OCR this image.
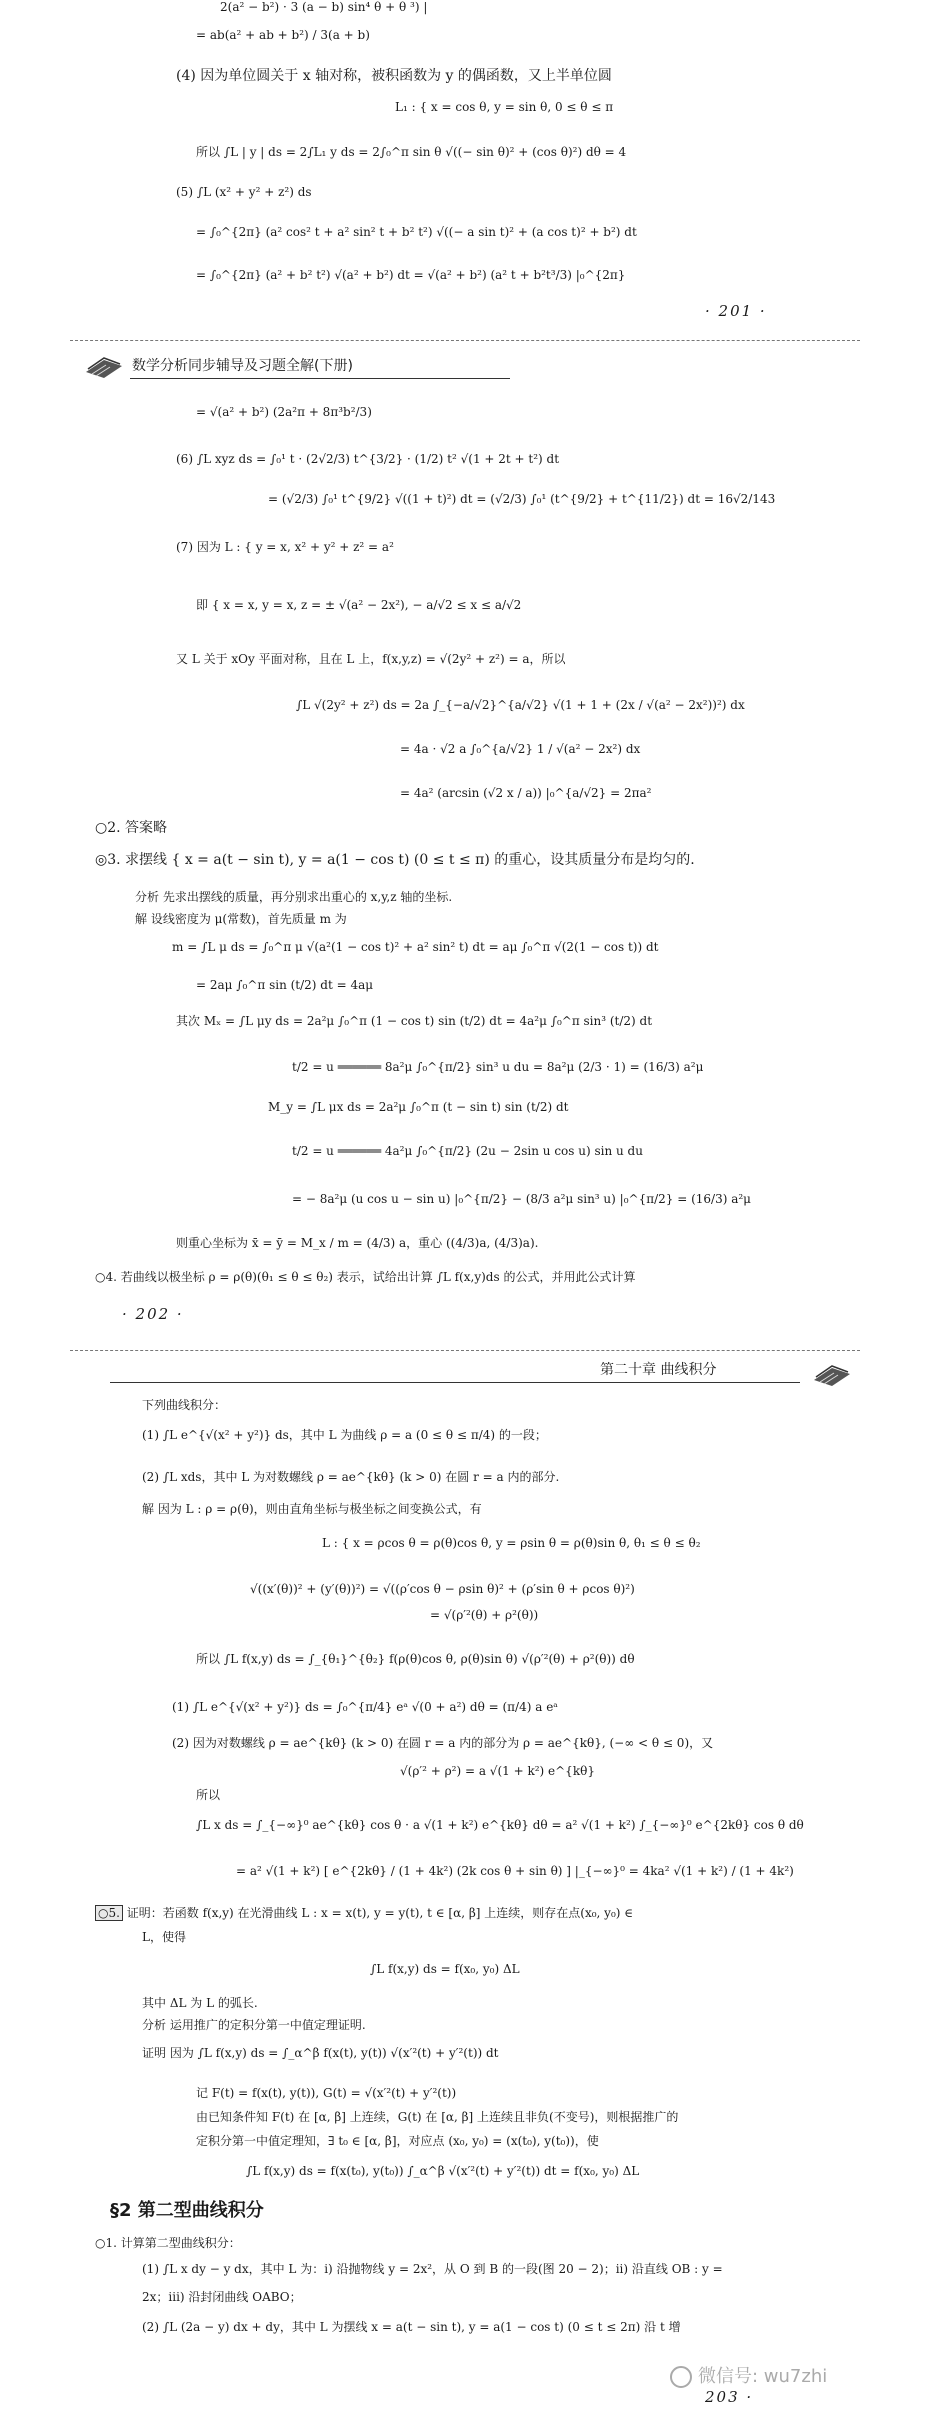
2(a² − b²) · 3 (a − b) sin⁴ θ + θ ³) |
= ab(a² + ab + b²) / 3(a + b)
(4) 因为单位圆关于 x 轴对称，被积函数为 y 的偶函数，又上半单位圆
L₁ : { x = cos θ, y = sin θ, 0 ≤ θ ≤ π
所以 ∫L | y | ds = 2∫L₁ y ds = 2∫₀^π sin θ √((− sin θ)² + (cos θ)²) dθ = 4
(5) ∫L (x² + y² + z²) ds
= ∫₀^{2π} (a² cos² t + a² sin² t + b² t²) √((− a sin t)² + (a cos t)² + b²) dt
= ∫₀^{2π} (a² + b² t²) √(a² + b²) dt = √(a² + b²) (a² t + b²t³/3) |₀^{2π}
· 201 ·
数学分析同步辅导及习题全解(下册)
= √(a² + b²) (2a²π + 8π³b²/3)
(6) ∫L xyz ds = ∫₀¹ t · (2√2/3) t^{3/2} · (1/2) t² √(1 + 2t + t²) dt
= (√2/3) ∫₀¹ t^{9/2} √((1 + t)²) dt = (√2/3) ∫₀¹ (t^{9/2} + t^{11/2}) dt = 16√2/143
(7) 因为 L : { y = x, x² + y² + z² = a²
即 { x = x, y = x, z = ± √(a² − 2x²), − a/√2 ≤ x ≤ a/√2
又 L 关于 xOy 平面对称，且在 L 上，f(x,y,z) = √(2y² + z²) = a，所以
∫L √(2y² + z²) ds = 2a ∫_{−a/√2}^{a/√2} √(1 + 1 + (2x / √(a² − 2x²))²) dx
= 4a · √2 a ∫₀^{a/√2} 1 / √(a² − 2x²) dx
= 4a² (arcsin (√2 x / a)) |₀^{a/√2} = 2πa²
○2. 答案略
◎3. 求摆线 { x = a(t − sin t), y = a(1 − cos t) (0 ≤ t ≤ π) 的重心，设其质量分布是均匀的.
分析 先求出摆线的质量，再分别求出重心的 x,y,z 轴的坐标.
解 设线密度为 μ(常数)，首先质量 m 为
m = ∫L μ ds = ∫₀^π μ √(a²(1 − cos t)² + a² sin² t) dt = aμ ∫₀^π √(2(1 − cos t)) dt
= 2aμ ∫₀^π sin (t/2) dt = 4aμ
其次 Mₓ = ∫L μy ds = 2a²μ ∫₀^π (1 − cos t) sin (t/2) dt = 4a²μ ∫₀^π sin³ (t/2) dt
t/2 = u ══════ 8a²μ ∫₀^{π/2} sin³ u du = 8a²μ (2/3 · 1) = (16/3) a²μ
M_y = ∫L μx ds = 2a²μ ∫₀^π (t − sin t) sin (t/2) dt
t/2 = u ══════ 4a²μ ∫₀^{π/2} (2u − 2sin u cos u) sin u du
= − 8a²μ (u cos u − sin u) |₀^{π/2} − (8/3 a²μ sin³ u) |₀^{π/2} = (16/3) a²μ
则重心坐标为 x̄ = ȳ = M_x / m = (4/3) a，重心 ((4/3)a, (4/3)a).
○4. 若曲线以极坐标 ρ = ρ(θ)(θ₁ ≤ θ ≤ θ₂) 表示，试给出计算 ∫L f(x,y)ds 的公式，并用此公式计算
· 202 ·
第二十章 曲线积分
下列曲线积分：
(1) ∫L e^{√(x² + y²)} ds，其中 L 为曲线 ρ = a (0 ≤ θ ≤ π/4) 的一段；
(2) ∫L xds，其中 L 为对数螺线 ρ = ae^{kθ} (k > 0) 在圆 r = a 内的部分.
解 因为 L : ρ = ρ(θ)，则由直角坐标与极坐标之间变换公式，有
L : { x = ρcos θ = ρ(θ)cos θ, y = ρsin θ = ρ(θ)sin θ, θ₁ ≤ θ ≤ θ₂
√((x′(θ))² + (y′(θ))²) = √((ρ′cos θ − ρsin θ)² + (ρ′sin θ + ρcos θ)²)
= √(ρ′²(θ) + ρ²(θ))
所以 ∫L f(x,y) ds = ∫_{θ₁}^{θ₂} f(ρ(θ)cos θ, ρ(θ)sin θ) √(ρ′²(θ) + ρ²(θ)) dθ
(1) ∫L e^{√(x² + y²)} ds = ∫₀^{π/4} eᵃ √(0 + a²) dθ = (π/4) a eᵃ
(2) 因为对数螺线 ρ = ae^{kθ} (k > 0) 在圆 r = a 内的部分为 ρ = ae^{kθ}, (−∞ < θ ≤ 0)，又
√(ρ′² + ρ²) = a √(1 + k²) e^{kθ}
所以
∫L x ds = ∫_{−∞}⁰ ae^{kθ} cos θ · a √(1 + k²) e^{kθ} dθ = a² √(1 + k²) ∫_{−∞}⁰ e^{2kθ} cos θ dθ
= a² √(1 + k²) [ e^{2kθ} / (1 + 4k²) (2k cos θ + sin θ) ] |_{−∞}⁰ = 4ka² √(1 + k²) / (1 + 4k²)
○5. 证明：若函数 f(x,y) 在光滑曲线 L : x = x(t), y = y(t), t ∈ [α, β] 上连续，则存在点(x₀, y₀) ∈
L，使得
∫L f(x,y) ds = f(x₀, y₀) ΔL
其中 ΔL 为 L 的弧长.
分析 运用推广的定积分第一中值定理证明.
证明 因为 ∫L f(x,y) ds = ∫_α^β f(x(t), y(t)) √(x′²(t) + y′²(t)) dt
记 F(t) = f(x(t), y(t)), G(t) = √(x′²(t) + y′²(t))
由已知条件知 F(t) 在 [α, β] 上连续，G(t) 在 [α, β] 上连续且非负(不变号)，则根据推广的
定积分第一中值定理知，∃ t₀ ∈ [α, β]，对应点 (x₀, y₀) = (x(t₀), y(t₀))，使
∫L f(x,y) ds = f(x(t₀), y(t₀)) ∫_α^β √(x′²(t) + y′²(t)) dt = f(x₀, y₀) ΔL
§2 第二型曲线积分
○1. 计算第二型曲线积分：
(1) ∫L x dy − y dx，其中 L 为：i) 沿抛物线 y = 2x²，从 O 到 B 的一段(图 20 − 2)；ii) 沿直线 OB : y =
2x；iii) 沿封闭曲线 OABO；
(2) ∫L (2a − y) dx + dy，其中 L 为摆线 x = a(t − sin t), y = a(1 − cos t) (0 ≤ t ≤ 2π) 沿 t 增
微信号: wu7zhi
203 ·
